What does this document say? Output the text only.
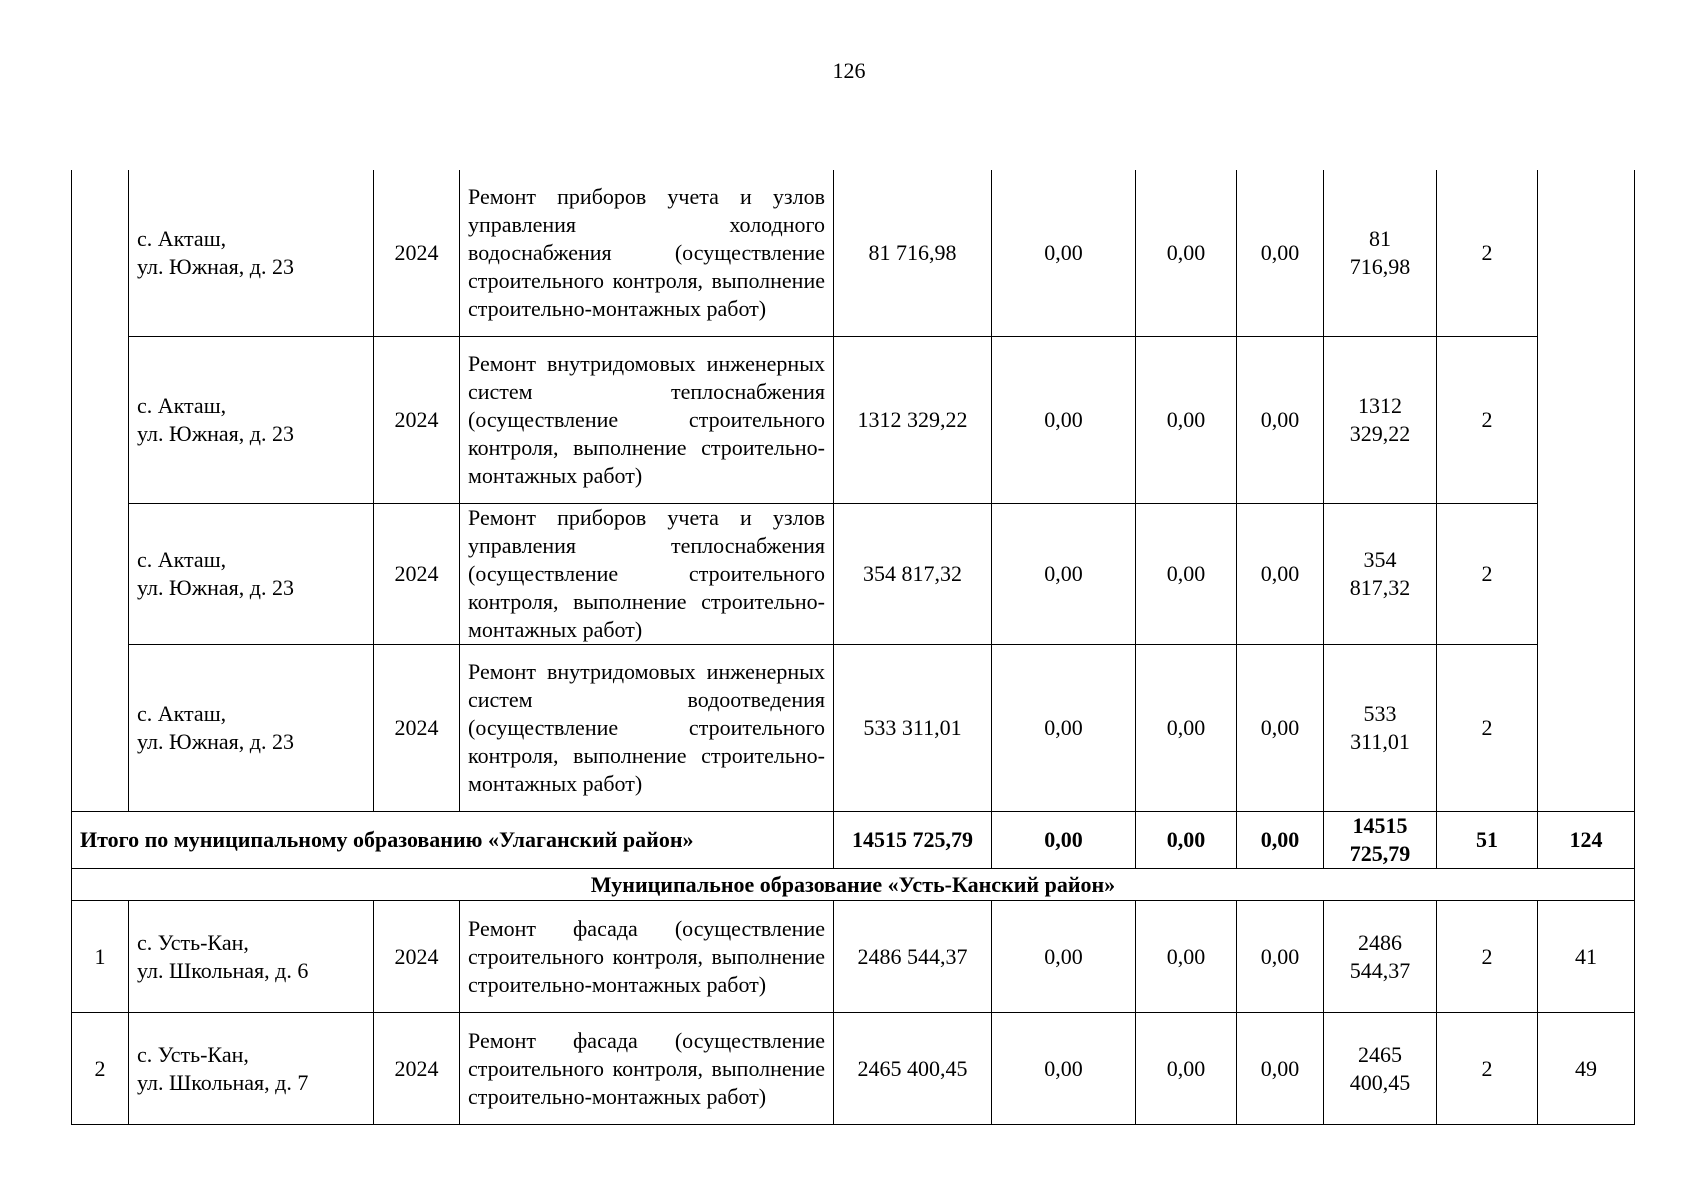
126

	с. Акташ,
ул. Южная, д. 23	2024	Ремонт приборов учета и узлов управления холодного водоснабжения (осуществление строительного контроля, выполнение строительно-монтажных работ)	81 716,98	0,00	0,00	0,00	81
716,98	2	

	с. Акташ,
ул. Южная, д. 23	2024	Ремонт внутридомовых инженерных систем теплоснабжения (осуществление строительного контроля, выполнение строительно-монтажных работ)	1312 329,22	0,00	0,00	0,00	1312
329,22	2	

	с. Акташ,
ул. Южная, д. 23	2024	Ремонт приборов учета и узлов управления теплоснабжения (осуществление строительного контроля, выполнение строительно-монтажных работ)	354 817,32	0,00	0,00	0,00	354
817,32	2	

	с. Акташ,
ул. Южная, д. 23	2024	Ремонт внутридомовых инженерных систем водоотведения (осуществление строительного контроля, выполнение строительно-монтажных работ)	533 311,01	0,00	0,00	0,00	533
311,01	2	
Итого по муниципальному образованию «Улаганский район»				14515 725,79	0,00	0,00	0,00	14515
725,79	51	124
Муниципальное образование «Усть-Канский район»										
1	с. Усть-Кан,
ул. Школьная, д. 6	2024	Ремонт фасада (осуществление строительного контроля, выполнение строительно-монтажных работ)	2486 544,37	0,00	0,00	0,00	2486
544,37	2	41
2	с. Усть-Кан,
ул. Школьная, д. 7	2024	Ремонт фасада (осуществление строительного контроля, выполнение строительно-монтажных работ)	2465 400,45	0,00	0,00	0,00	2465
400,45	2	49
